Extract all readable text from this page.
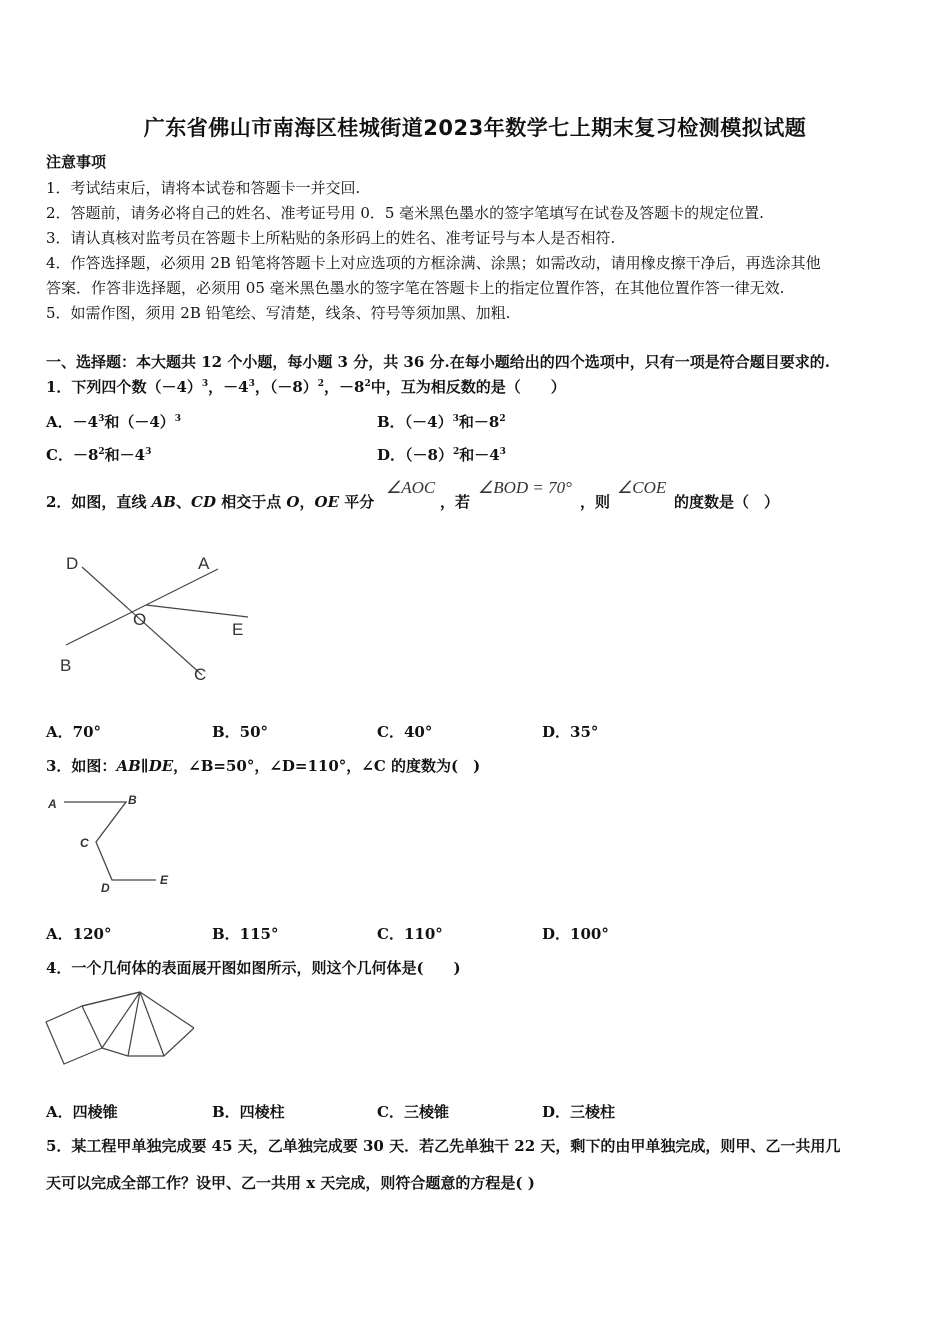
广东省佛山市南海区桂城街道2023年数学七上期末复习检测模拟试题
注意事项
1．考试结束后，请将本试卷和答题卡一并交回.
2．答题前，请务必将自己的姓名、准考证号用 0．5 毫米黑色墨水的签字笔填写在试卷及答题卡的规定位置.
3．请认真核对监考员在答题卡上所粘贴的条形码上的姓名、准考证号与本人是否相符.
4．作答选择题，必须用 2B 铅笔将答题卡上对应选项的方框涂满、涂黑；如需改动，请用橡皮擦干净后，再选涂其他
答案．作答非选择题，必须用 05 毫米黑色墨水的签字笔在答题卡上的指定位置作答，在其他位置作答一律无效.
5．如需作图，须用 2B 铅笔绘、写清楚，线条、符号等须加黑、加粗.
一、选择题：本大题共 12 个小题，每小题 3 分，共 36 分.在每小题给出的四个选项中，只有一项是符合题目要求的.
1．下列四个数$(-4)^3$，$-4^3$，$(-8)^2$，$-8^2$中，互为相反数的是（　　）
A．$-4^3$和$(-4)^3$	B．$(-4)^3$和$-8^2$
C．$-8^2$和$-4^3$	D．$(-8)^2$和$-4^3$
2．如图，直线 AB、CD 相交于点 O，OE 平分
∠AOC
，若
∠BOD = 70°
，则
∠COE
的度数是（　）
D	A
O
E
B	C
A．70°	B．50°	C．40°	D．35°
3．如图：AB∥DE，∠B=50°，∠D=110°，∠C 的度数为(　)
A	B
C
D
E
A．120°	B．115°	C．110°	D．100°
4．一个几何体的表面展开图如图所示，则这个几何体是(　　)
A．四棱锥	B．四棱柱	C．三棱锥	D．三棱柱
5．某工程甲单独完成要 45 天，乙单独完成要 30 天．若乙先单独干 22 天，剩下的由甲单独完成，则甲、乙一共用几
天可以完成全部工作？设甲、乙一共用 x 天完成，则符合题意的方程是( )
